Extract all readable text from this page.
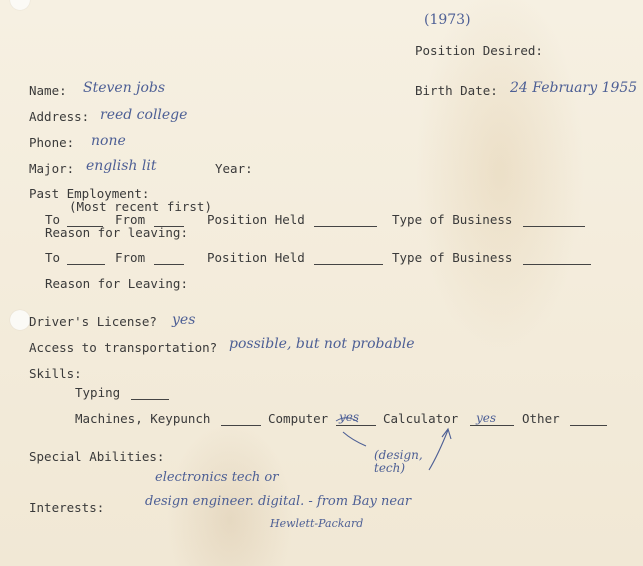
(1973)
Position Desired:
Name: Steven jobs	Birth Date: 24 February 1955
Address: reed college
Phone: none
Major: english lit	Year:
Past Employment:
(Most recent first)
To	From	Position Held	Type of Business
Reason for leaving:
To	From	Position Held	Type of Business
Reason for Leaving:
Driver's License? yes
Access to transportation? possible, but not probable
Skills:
Typing
Machines, Keypunch	Computer yes Calculator yes Other
(design, tech)
Special Abilities:
electronics tech or
Interests:	design engineer. digital. - from Bay near
Hewlett-Packard
